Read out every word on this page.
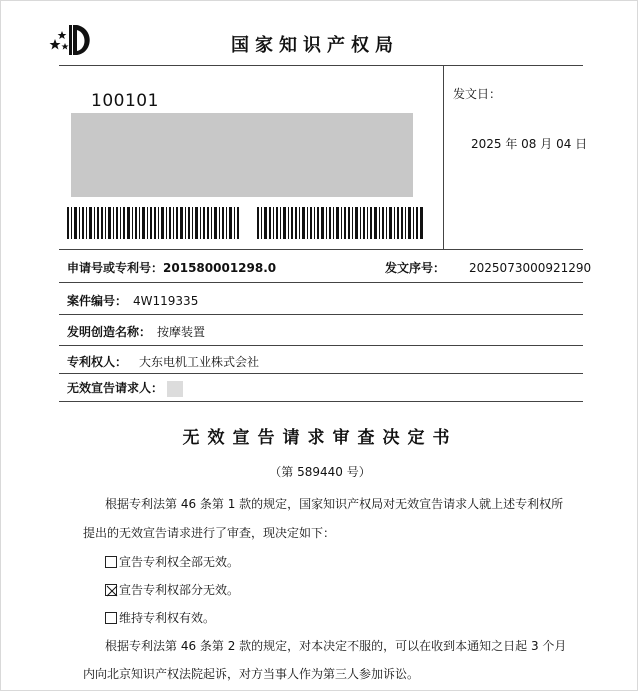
国家知识产权局
100101	发文日：
2025 年 08 月 04 日
申请号或专利号：201580001298.0	发文序号： 2025073000921290
案件编号： 4W119335
发明创造名称： 按摩装置
专利权人： 大东电机工业株式会社
无效宣告请求人：
无效宣告请求审查决定书
（第 589440 号）
根据专利法第 46 条第 1 款的规定，国家知识产权局对无效宣告请求人就上述专利权所
提出的无效宣告请求进行了审查，现决定如下：
宣告专利权全部无效。
宣告专利权部分无效。
维持专利权有效。
根据专利法第 46 条第 2 款的规定，对本决定不服的，可以在收到本通知之日起 3 个月
内向北京知识产权法院起诉，对方当事人作为第三人参加诉讼。
